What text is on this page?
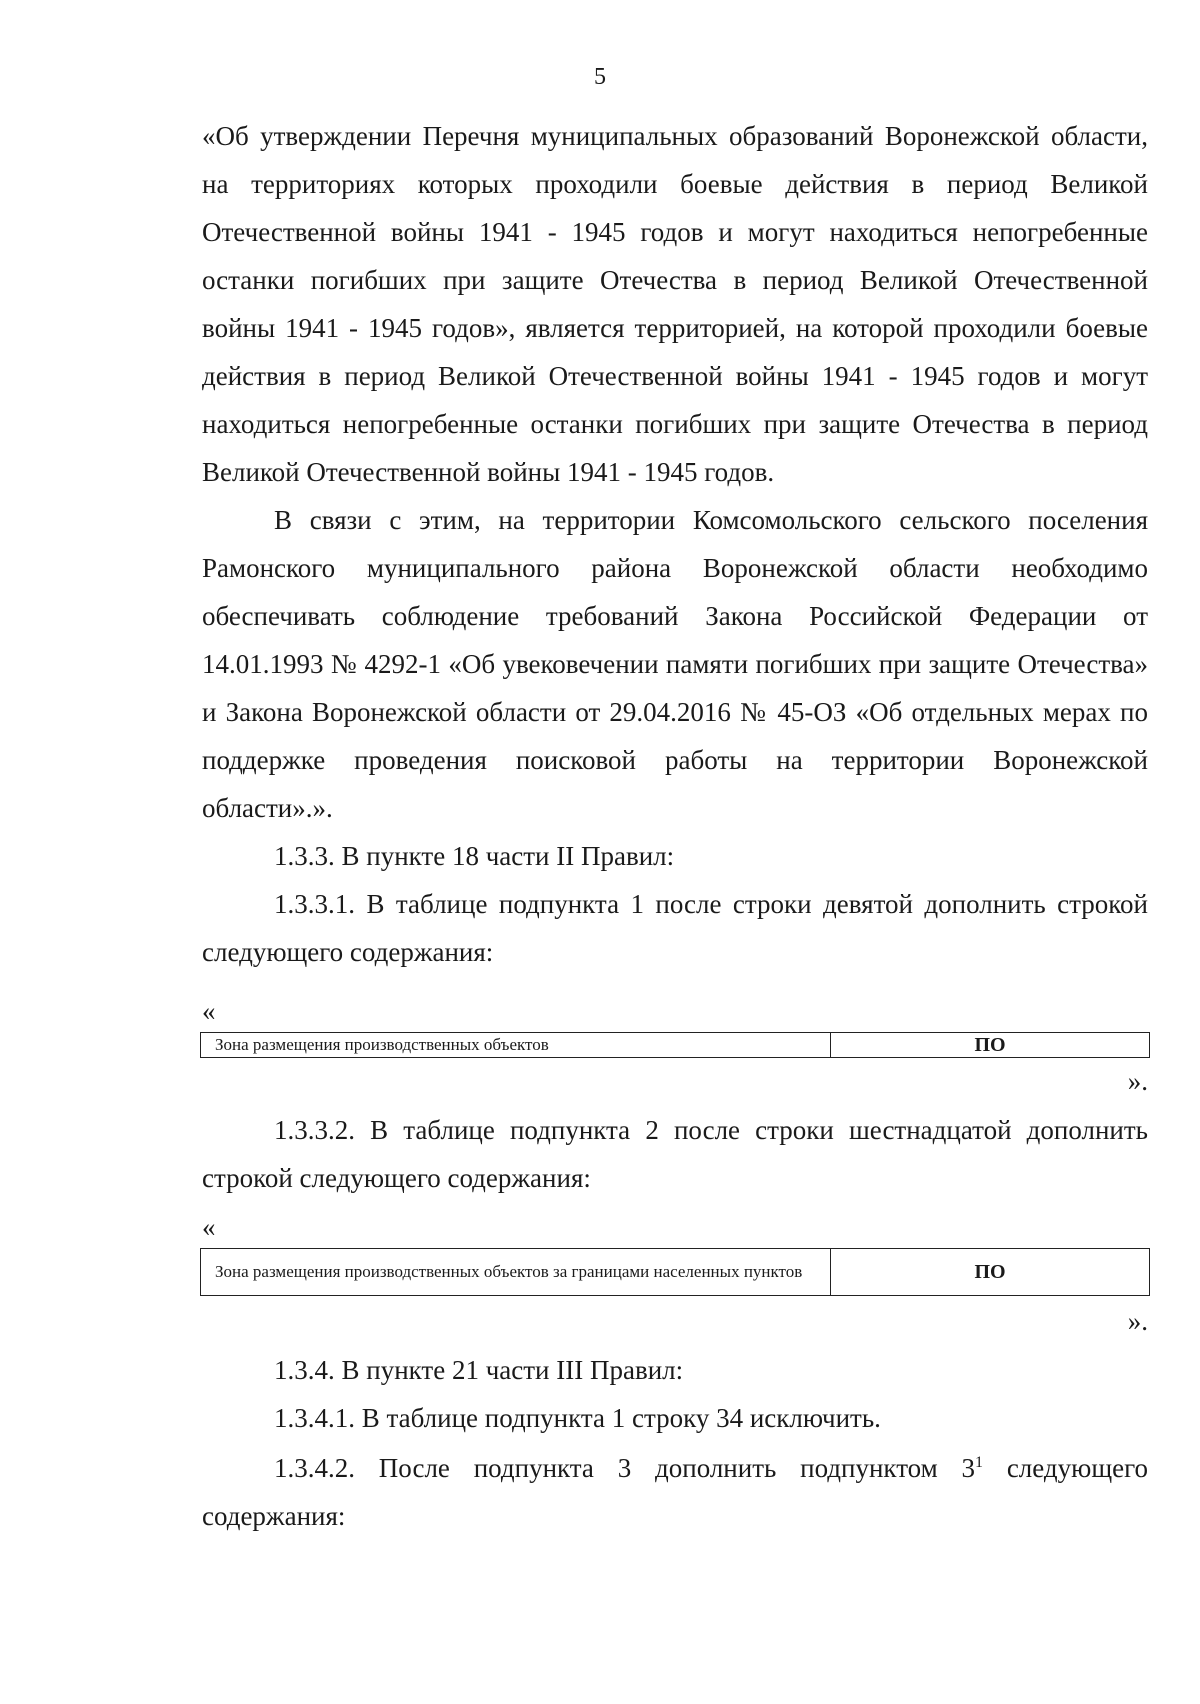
5

«Об утверждении Перечня муниципальных образований Воронежской области, на территориях которых проходили боевые действия в период Великой Отечественной войны 1941 - 1945 годов и могут находиться непогребенные останки погибших при защите Отечества в период Великой Отечественной войны 1941 - 1945 годов», является территорией, на которой проходили боевые действия в период Великой Отечественной войны 1941 - 1945 годов и могут находиться непогребенные останки погибших при защите Отечества в период Великой Отечественной войны 1941 - 1945 годов.

В связи с этим, на территории Комсомольского сельского поселения Рамонского муниципального района Воронежской области необходимо обеспечивать соблюдение требований Закона Российской Федерации от 14.01.1993 № 4292-1 «Об увековечении памяти погибших при защите Отечества» и Закона Воронежской области от 29.04.2016 № 45-ОЗ «Об отдельных мерах по поддержке проведения поисковой работы на территории Воронежской области».».

1.3.3. В пункте 18 части II Правил:

1.3.3.1. В таблице подпункта 1 после строки девятой дополнить строкой следующего содержания:

«
Зона размещения производственных объектов	ПО
».

1.3.3.2. В таблице подпункта 2 после строки шестнадцатой дополнить строкой следующего содержания:

«
Зона размещения производственных объектов за границами населенных пунктов	ПО
».

1.3.4. В пункте 21 части III Правил:

1.3.4.1. В таблице подпункта 1 строку 34 исключить.

1.3.4.2. После подпункта 3 дополнить подпунктом $3^1$ следующего содержания:
